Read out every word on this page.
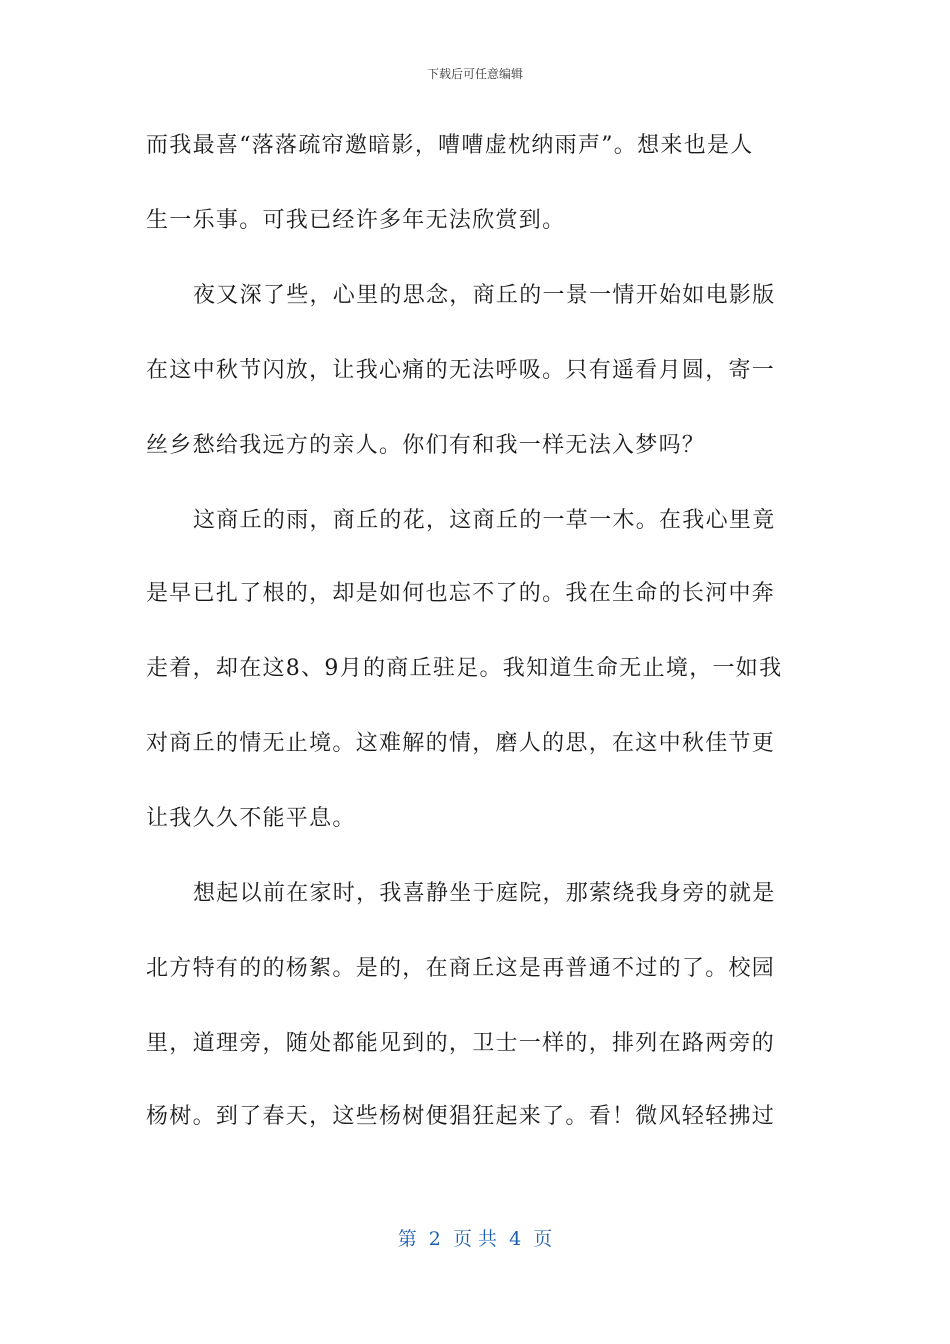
下载后可任意编辑
而我最喜“落落疏帘邀暗影，嘈嘈虚枕纳雨声”。想来也是人
生一乐事。可我已经许多年无法欣赏到。
夜又深了些，心里的思念，商丘的一景一情开始如电影版
在这中秋节闪放，让我心痛的无法呼吸。只有遥看月圆，寄一
丝乡愁给我远方的亲人。你们有和我一样无法入梦吗？
这商丘的雨，商丘的花，这商丘的一草一木。在我心里竟
是早已扎了根的，却是如何也忘不了的。我在生命的长河中奔
走着，却在这8、9月的商丘驻足。我知道生命无止境，一如我
对商丘的情无止境。这难解的情，磨人的思，在这中秋佳节更
让我久久不能平息。
想起以前在家时，我喜静坐于庭院，那萦绕我身旁的就是
北方特有的的杨絮。是的，在商丘这是再普通不过的了。校园
里，道理旁，随处都能见到的，卫士一样的，排列在路两旁的
杨树。到了春天，这些杨树便猖狂起来了。看！微风轻轻拂过
第  2  页 共  4  页
